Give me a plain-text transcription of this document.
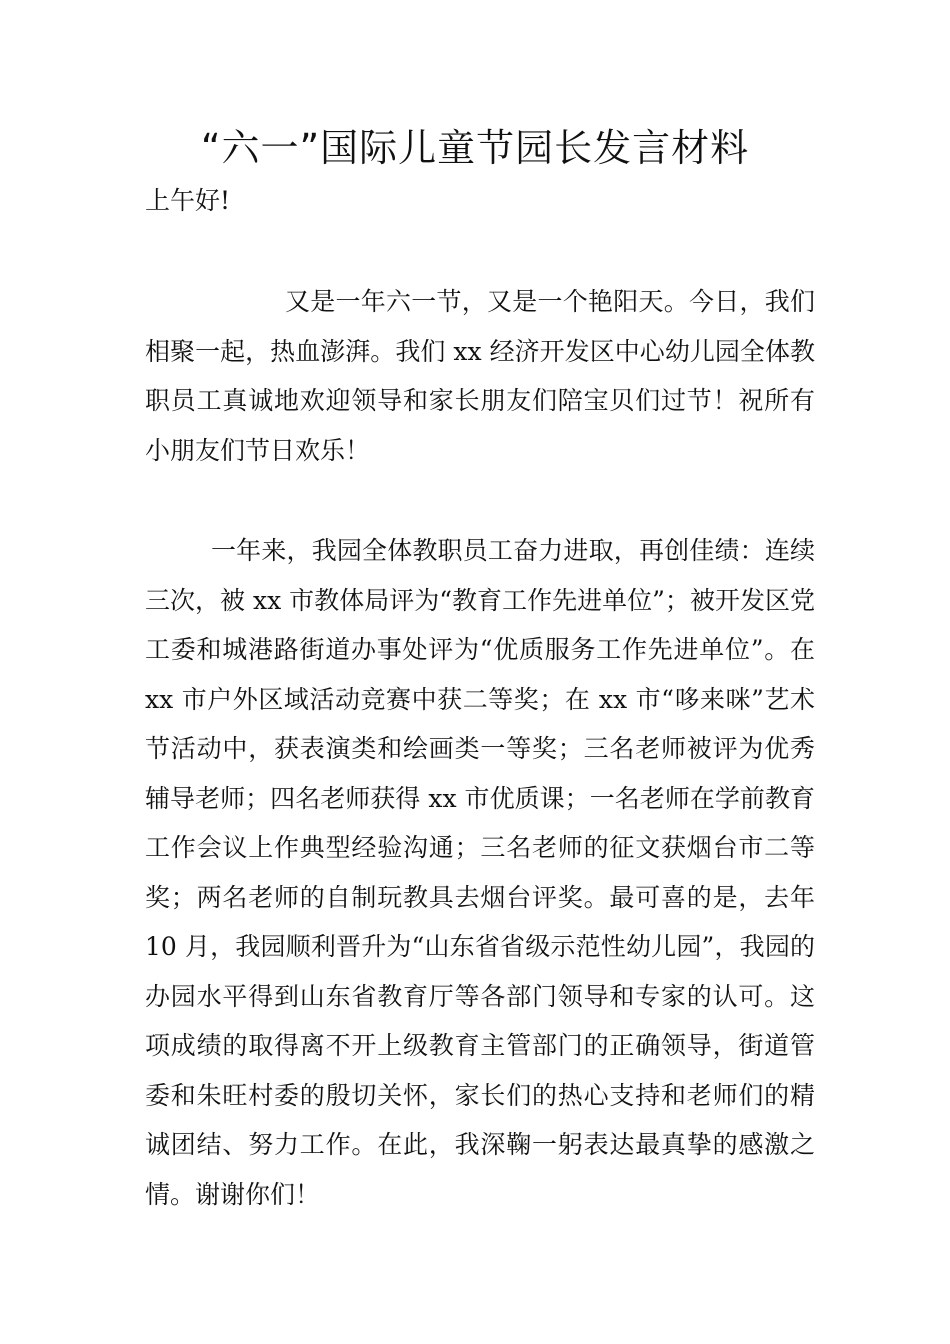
“六一”国际儿童节园长发言材料

上午好!

又是一年六一节，又是一个艳阳天。今日，我们相聚一起，热血澎湃。我们 xx 经济开发区中心幼儿园全体教职员工真诚地欢迎领导和家长朋友们陪宝贝们过节！祝所有小朋友们节日欢乐！

一年来，我园全体教职员工奋力进取，再创佳绩：连续三次，被 xx 市教体局评为“教育工作先进单位”；被开发区党工委和城港路街道办事处评为“优质服务工作先进单位”。在 xx 市户外区域活动竞赛中获二等奖；在 xx 市“哆来咪”艺术节活动中，获表演类和绘画类一等奖；三名老师被评为优秀辅导老师；四名老师获得 xx 市优质课；一名老师在学前教育工作会议上作典型经验沟通；三名老师的征文获烟台市二等奖；两名老师的自制玩教具去烟台评奖。最可喜的是，去年 10 月，我园顺利晋升为“山东省省级示范性幼儿园”，我园的办园水平得到山东省教育厅等各部门领导和专家的认可。这项成绩的取得离不开上级教育主管部门的正确领导，街道管委和朱旺村委的殷切关怀，家长们的热心支持和老师们的精诚团结、努力工作。在此，我深鞠一躬表达最真挚的感激之情。谢谢你们！
